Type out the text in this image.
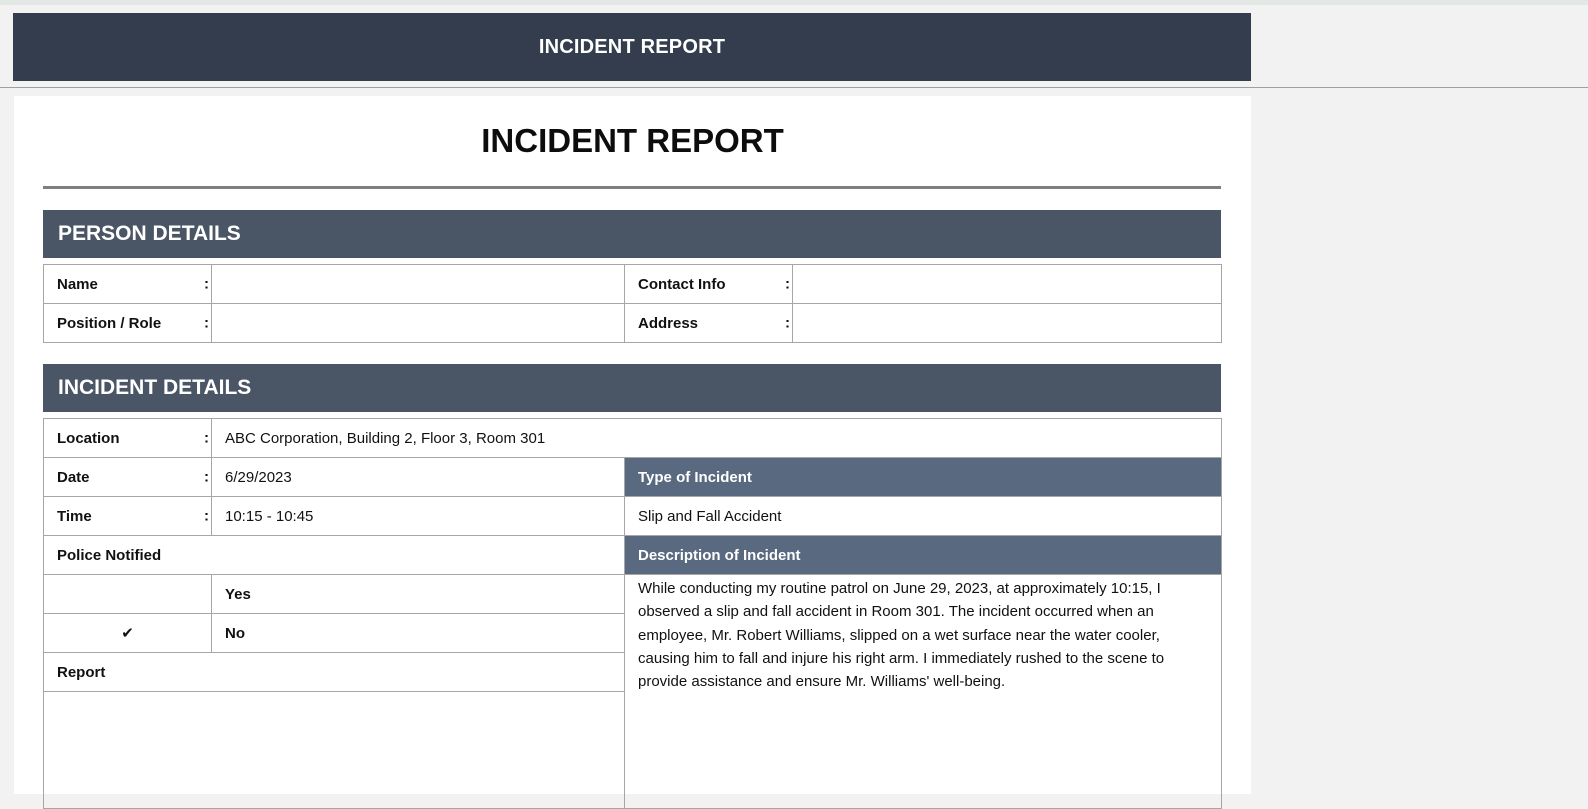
INCIDENT REPORT
INCIDENT REPORT
PERSON DETAILS
Name :		Contact Info :	

Position / Role :		Address :	

INCIDENT DETAILS
Location :	ABC Corporation, Building 2, Floor 3, Room 301	
Date :	6/29/2023	Type of Incident
Time :	10:15 - 10:45	Slip and Fall Accident
Police Notified		Description of Incident
	Yes	While conducting my routine patrol on June 29, 2023, at approximately 10:15, I observed a slip and fall accident in Room 301. The incident occurred when an employee, Mr. Robert Williams, slipped on a wet surface near the water cooler, causing him to fall and injure his right arm. I immediately rushed to the scene to provide assistance and ensure Mr. Williams' well-being.
✔	No	
Report		
